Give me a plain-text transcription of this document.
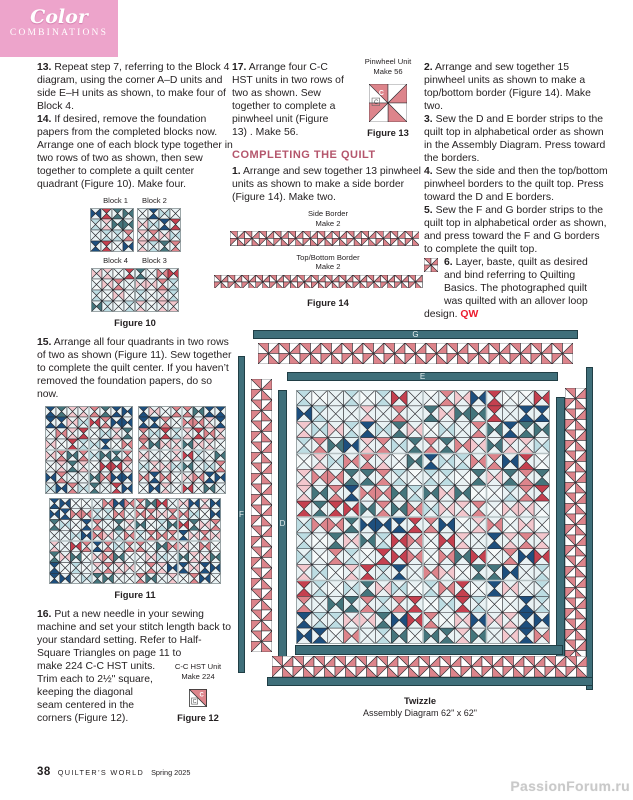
Color
COMBINATIONS

13. Repeat step 7, referring to the Block 4 diagram, using the corner A–D units and side E–H units as shown, to make four of Block 4.

14. If desired, remove the foundation papers from the completed blocks now. Arrange one of each block type together in two rows of two as shown, then sew together to complete a quilt center quadrant (Figure 10). Make four.

Block 1 Block 2
Block 4 Block 3
Figure 10

15. Arrange all four quadrants in two rows of two as shown (Figure 11). Sew together to complete the quilt center. If you haven’t removed the foundation papers, do so now.

Figure 11

16. Put a new needle in your sewing machine and set your stitch length back to your standard setting. Refer to Half-Square Triangles on page 11 to

C-C HST Unit
Make 224
C
C
Figure 12

make 224 C-C HST units. Trim each to 2½" square, keeping the diagonal seam centered in the corners (Figure 12).

Pinwheel Unit
Make 56
C
C
Figure 13

17. Arrange four C-C HST units in two rows of two as shown. Sew together to complete a pinwheel unit (Figure 13) . Make 56.

COMPLETING THE QUILT

1. Arrange and sew together 13 pinwheel units as shown to make a side border (Figure 14). Make two.

Side Border
Make 2
Top/Bottom Border
Make 2
Figure 14

2. Arrange and sew together 15 pinwheel units as shown to make a top/bottom border (Figure 14). Make two.

3. Sew the D and E border strips to the quilt top in alphabetical order as shown in the Assembly Diagram. Press toward the borders.

4. Sew the side and then the top/bottom pinwheel borders to the quilt top. Press toward the D and E borders.

5. Sew the F and G border strips to the quilt top in alphabetical order as shown, and press toward the F and G borders to complete the quilt top.

6. Layer, baste, quilt as desired and bind referring to Quilting Basics. The photographed quilt was quilted with an allover loop design. QW

G
E
F
D
Twizzle
Assembly Diagram 62" x 62"
38 QUILTER’S WORLD Spring 2025
PassionForum.ru
